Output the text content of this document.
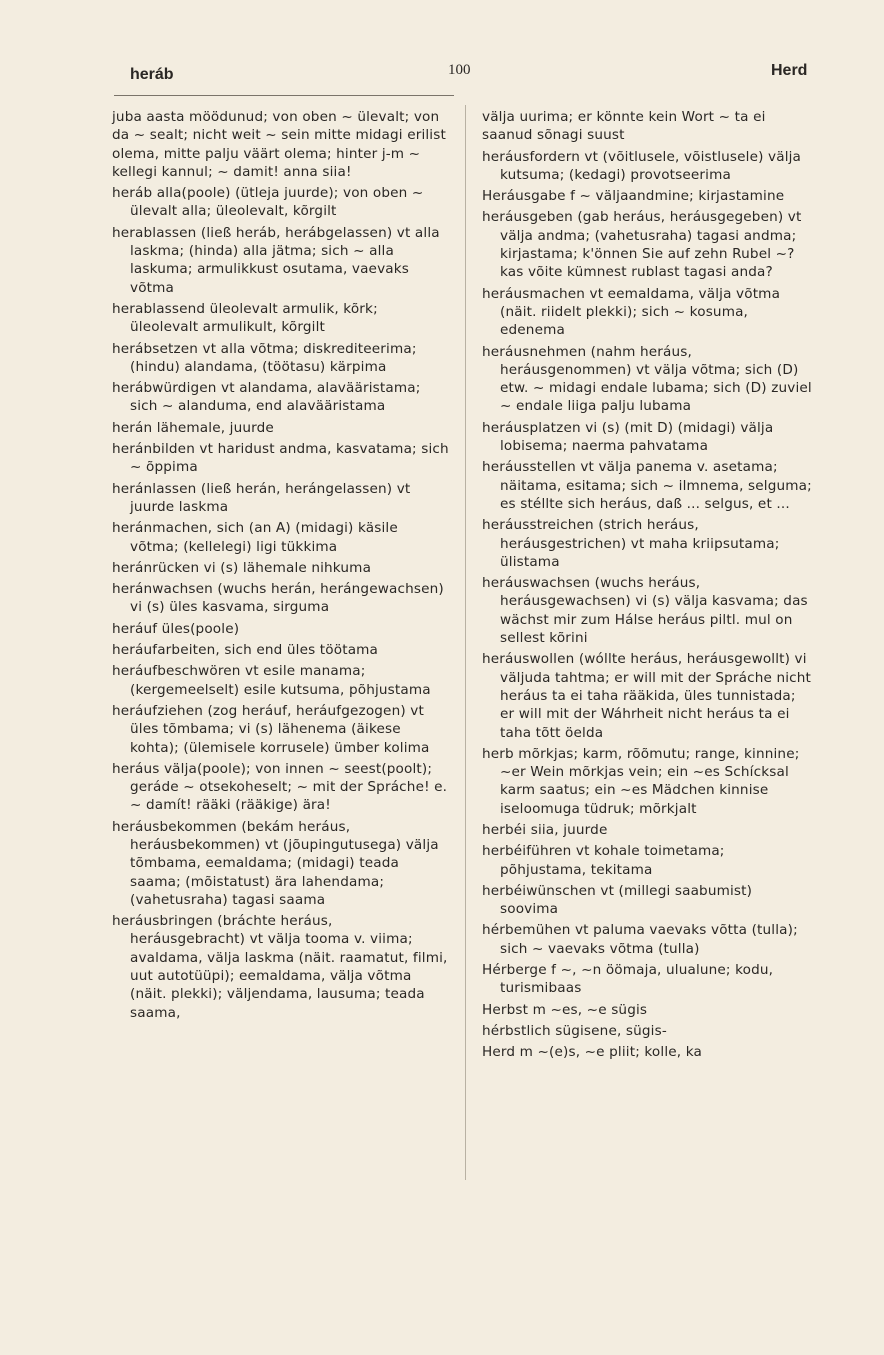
heráb	100	Herd

juba aasta möödunud; von oben ~ ülevalt; von da ~ sealt; nicht weit ~ sein mitte midagi erilist olema, mitte palju väärt olema; hinter j-m ~ kellegi kannul; ~ damit! anna siia!

heráb alla(poole) (ütleja juurde); von oben ~ ülevalt alla; üleolevalt, kõrgilt

herablassen (ließ heráb, herábgelassen) vt alla laskma; (hinda) alla jätma; sich ~ alla laskuma; armulikkust osutama, vaevaks võtma

herablassend üleolevalt armulik, kõrk; üleolevalt armulikult, kõrgilt

herábsetzen vt alla võtma; diskrediteerima; (hindu) alandama, (töötasu) kärpima

herábwürdigen vt alandama, alavääristama; sich ~ alanduma, end alavääristama

herán lähemale, juurde

heránbilden vt haridust andma, kasvatama; sich ~ õppima

heránlassen (ließ herán, herángelassen) vt juurde laskma

heránmachen, sich (an A) (midagi) käsile võtma; (kellelegi) ligi tükkima

heránrücken vi (s) lähemale nihkuma

heránwachsen (wuchs herán, herángewachsen) vi (s) üles kasvama, sirguma

heráuf üles(poole)

heráufarbeiten, sich end üles töötama

heráufbeschwören vt esile manama; (kergemeelselt) esile kutsuma, põhjustama

heráufziehen (zog heráuf, heráufgezogen) vt üles tõmbama; vi (s) lähenema (äikese kohta); (ülemisele korrusele) ümber kolima

heráus välja(poole); von innen ~ seest(poolt); geráde ~ otsekoheselt; ~ mit der Spráche! e. ~ damít! rääki (rääkige) ära!

heráusbekommen (bekám heráus, heráusbekommen) vt (jõupingutusega) välja tõmbama, eemaldama; (midagi) teada saama; (mõistatust) ära lahendama; (vahetusraha) tagasi saama

heráusbringen (bráchte heráus, heráusgebracht) vt välja tooma v. viima; avaldama, välja laskma (näit. raamatut, filmi, uut autotüüpi); eemaldama, välja võtma (näit. plekki); väljendama, lausuma; teada saama,

välja uurima; er könnte kein Wort ~ ta ei saanud sõnagi suust

heráusfordern vt (võitlusele, võistlusele) välja kutsuma; (kedagi) provotseerima

Heráusgabe f ~ väljaandmine; kirjastamine

heráusgeben (gab heráus, heráusgegeben) vt välja andma; (vahetusraha) tagasi andma; kirjastama; k'önnen Sie auf zehn Rubel ~? kas võite kümnest rublast tagasi anda?

heráusmachen vt eemaldama, välja võtma (näit. riidelt plekki); sich ~ kosuma, edenema

heráusnehmen (nahm heráus, heráusgenommen) vt välja võtma; sich (D) etw. ~ midagi endale lubama; sich (D) zuviel ~ endale liiga palju lubama

heráusplatzen vi (s) (mit D) (midagi) välja lobisema; naerma pahvatama

heráusstellen vt välja panema v. asetama; näitama, esitama; sich ~ ilmnema, selguma; es stéllte sich heráus, daß ... selgus, et ...

heráusstreichen (strich heráus, heráusgestrichen) vt maha kriipsutama; ülistama

heráuswachsen (wuchs heráus, heráusgewachsen) vi (s) välja kasvama; das wächst mir zum Hálse heráus piltl. mul on sellest kõrini

heráuswollen (wóllte heráus, heráusgewollt) vi väljuda tahtma; er will mit der Spráche nicht heráus ta ei taha rääkida, üles tunnistada; er will mit der Wáhrheit nicht heráus ta ei taha tõtt öelda

herb mõrkjas; karm, rõõmutu; range, kinnine; ~er Wein mõrkjas vein; ein ~es Schícksal karm saatus; ein ~es Mädchen kinnise iseloomuga tüdruk; mõrkjalt

herbéi siia, juurde

herbéiführen vt kohale toimetama; põhjustama, tekitama

herbéiwünschen vt (millegi saabumist) soovima

hérbemühen vt paluma vaevaks võtta (tulla); sich ~ vaevaks võtma (tulla)

Hérberge f ~, ~n öömaja, ulualune; kodu, turismibaas

Herbst m ~es, ~e sügis

hérbstlich sügisene, sügis-

Herd m ~(e)s, ~e pliit; kolle, ka
